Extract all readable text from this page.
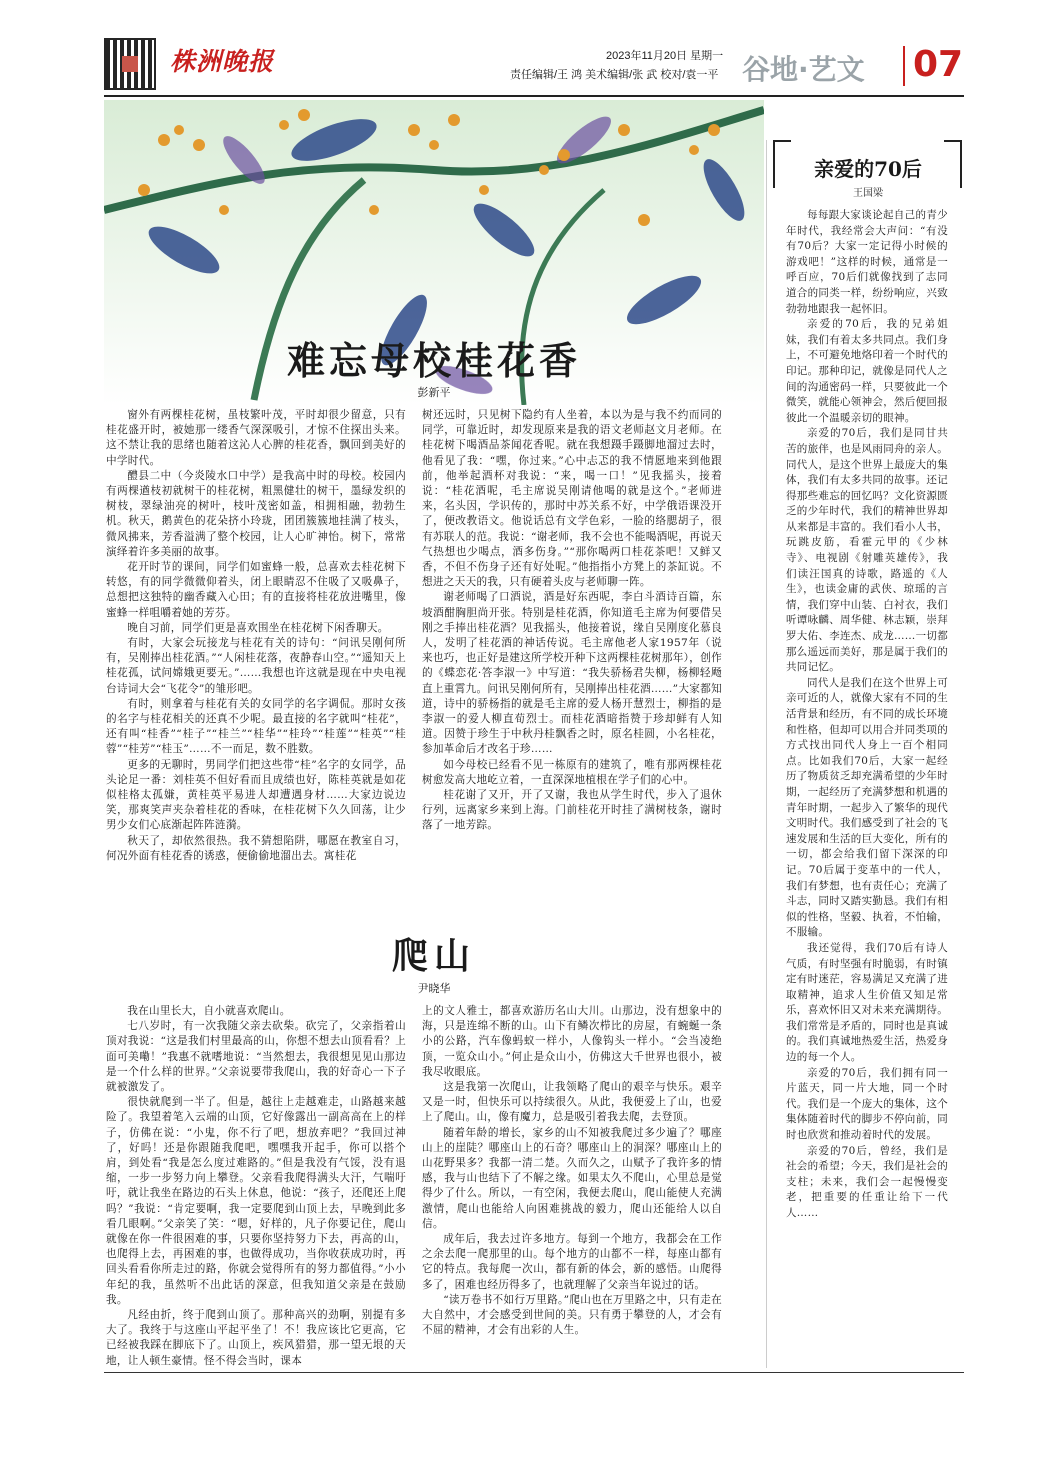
株洲晚报	2023年11月20日 星期一
责任编辑/王 鸿 美术编辑/张 武 校对/袁一平 谷地·艺文 07
难忘母校桂花香
彭新平

窗外有两棵桂花树，虽枝繁叶茂，平时却很少留意，只有桂花盛开时，被她那一缕香气深深吸引，才惊不住探出头来。这不禁让我的思绪也随着这沁人心脾的桂花香，飘回到美好的中学时代。

醴县二中（今炎陵水口中学）是我高中时的母校。校园内有两棵遒枝初就树干的桂花树，粗黑健壮的树干，墨绿发织的树枝，翠绿油亮的树叶，枝叶茂密如盖，相拥相融，勃勃生机。秋天，鹅黄色的花朵挤小玲珑，团团簇簇地挂满了枝头，微风拂来，芳香溢满了整个校园，让人心旷神怡。树下，常常演绎着许多美丽的故事。

花开时节的课间，同学们如蜜蜂一般，总喜欢去桂花树下转悠，有的同学微微仰着头，闭上眼睛忍不住吸了又吸鼻子，总想把这独特的幽香藏入心田；有的直接将桂花放进嘴里，像蜜蜂一样咀嚼着她的芳芬。

晚自习前，同学们更是喜欢围坐在桂花树下闲香聊天。

有时，大家会玩接龙与桂花有关的诗句：“问讯吴刚何所有，吴刚捧出桂花酒。”“人闲桂花落，夜静春山空。”“遥知天上桂花孤，试问嫦娥更要无。”……我想也许这就是现在中央电视台诗词大会“飞花令”的雏形吧。

有时，则拿着与桂花有关的女同学的名字调侃。那时女孩的名字与桂花相关的还真不少呢。最直接的名字就叫“桂花”，还有叫“桂香”“桂子”“桂兰”“桂华”“桂玲”“桂莲”“桂英”“桂蓉”“桂芳”“桂玉”……不一而足，数不胜数。

更多的无聊时，男同学们把这些带“桂”名字的女同学，品头论足一番：刘桂英不但好看而且成绩也好，陈桂英就是如花似桂格太孤嫌，黄桂英平易进人却遭遇身材……大家边说边笑，那爽笑声夹杂着桂花的香味，在桂花树下久久回荡，让少男少女们心底渐起阵阵涟漪。

秋天了，却依然很热。我不猜想陷阱，哪愿在教室自习，何况外面有桂花香的诱惑，便偷偷地溜出去。寓桂花

树还远时，只见树下隐约有人坐着，本以为是与我不约而同的同学，可靠近时，却发现原来是我的语文老师赵文月老师。在桂花树下喝酒品茶闻花香呢。就在我想蹑手蹑脚地溜过去时，他看见了我：“嘿，你过来。”心中忐忑的我不情愿地来到他跟前，他举起酒杯对我说：“来，喝一口！”见我摇头，接着说：“桂花酒呢，毛主席说吴刚请他喝的就是这个。”老师进来，名头因，学识传的，那时中苏关系不好，中学俄语课没开了，便改教语文。他说话总有文学色彩，一脸的络腮胡子，很有苏联人的范。我说：“谢老师，我不会也不能喝酒呢，再说天气热想也少喝点，酒多伤身。”“那你喝两口桂花茶吧！又鲜又香，不但不伤身子还有好处呢。”他指指小方凳上的茶缸说。不想进之天天的我，只有硬着头皮与老师聊一阵。

谢老师喝了口酒说，酒是好东西呢，李白斗酒诗百篇，东坡酒酣胸胆尚开张。特别是桂花酒，你知道毛主席为何要借吴刚之手捧出桂花酒？见我摇头，他接着说，缘自吴刚度化慕良人，发明了桂花酒的神话传说。毛主席他老人家1957年（说来也巧，也正好是建这所学校开种下这两棵桂花树那年），创作的《蝶恋花·答李淑一》中写道：“我失骄杨君失柳，杨柳轻飏直上重霄九。问讯吴刚何所有，吴刚捧出桂花酒……”大家都知道，诗中的骄杨指的就是毛主席的爱人杨开慧烈士，柳指的是李淑一的爱人柳直荀烈士。而桂花酒暗指赞于珍却鲜有人知道。因赞于珍生于中秋丹桂飘香之时，原名桂圆，小名桂花，参加革命后才改名于珍……

如今母校已经看不见一栋原有的建筑了，唯有那两棵桂花树愈发高大地屹立着，一直深深地植根在学子们的心中。

桂花谢了又开，开了又谢，我也从学生时代，步入了退休行列，远离家乡来到上海。门前桂花开时挂了满树枝条，谢时落了一地芳踪。

爬山
尹晓华

我在山里长大，自小就喜欢爬山。

七八岁时，有一次我随父亲去砍柴。砍完了，父亲指着山顶对我说：“这是我们村里最高的山，你想不想去山顶看看？上面可美嘞！”我惠不就嗜地说：“当然想去，我很想见见山那边是一个什么样的世界。”父亲说要带我爬山，我的好奇心一下子就被激发了。

很快就爬到一半了。但是，越往上走越难走，山路越来越险了。我望着笔入云端的山顶，它好像露出一副高高在上的样子，仿佛在说：“小鬼，你不行了吧，想放弃吧？”我回过神了，好吗！还是你跟随我爬吧，嘿嘿我开起手，你可以搭个肩，到处看“我是怎么度过难路的。”但是我没有气馁，没有退缩，一步一步努力向上攀登。父亲看我爬得满头大汗，气喘吁吁，就让我坐在路边的石头上休息，他说：“孩子，还爬还上爬吗？”我说：“肯定要啊，我一定要爬到山顶上去，早晚到此多看几眼啊。”父亲笑了笑：“嗯，好样的，凡子你要记住，爬山就像在你一件很困难的事，只要你坚持努力下去，再高的山，也爬得上去，再困难的事，也做得成功，当你收获成功时，再回头看看你所走过的路，你就会觉得所有的努力都值得。”小小年纪的我，虽然听不出此话的深意，但我知道父亲是在鼓励我。

凡经由折，终于爬到山顶了。那种高兴的劲啊，别提有多大了。我终于与这座山平起平坐了！不！我应该比它更高，它已经被我踩在脚底下了。山顶上，疾风猎猎，那一望无垠的天地，让人顿生豪情。怪不得会当时，课本

上的文人雅士，都喜欢游历名山大川。山那边，没有想象中的海，只是连绵不断的山。山下有鳞次栉比的房屋，有蜿蜒一条小的公路，汽车像蚂蚁一样小，人像钩头一样小。“会当凌绝顶，一览众山小。”何止是众山小，仿佛这大千世界也很小，被我尽收眼底。

这是我第一次爬山，让我领略了爬山的艰辛与快乐。艰辛又是一时，但快乐可以持续很久。从此，我便爱上了山，也爱上了爬山。山，像有魔力，总是吸引着我去爬，去登顶。

随着年龄的增长，家乡的山不知被我爬过多少遍了？哪座山上的崖陡？哪座山上的石奇？哪座山上的洞深？哪座山上的山花野果多？我都一清二楚。久而久之，山赋予了我许多的情感，我与山也结下了不解之缘。如果太久不爬山，心里总是觉得少了什么。所以，一有空闲，我便去爬山，爬山能使人充满激情，爬山也能给人向困难挑战的毅力，爬山还能给人以自信。

成年后，我去过许多地方。每到一个地方，我都会在工作之余去爬一爬那里的山。每个地方的山都不一样，每座山都有它的特点。我每爬一次山，都有新的体会，新的感悟。山爬得多了，困难也经历得多了，也就理解了父亲当年说过的话。

“读万卷书不如行万里路。”爬山也在万里路之中，只有走在大自然中，才会感受到世间的美。只有勇于攀登的人，才会有不屈的精神，才会有出彩的人生。

亲爱的70后
王国梁

每每跟大家谈论起自己的青少年时代，我经常会大声问：“有没有70后？大家一定记得小时候的游戏吧！”这样的时候，通常是一呼百应，70后们就像找到了志同道合的同类一样，纷纷响应，兴致勃勃地跟我一起怀旧。

亲爱的70后，我的兄弟姐妹，我们有着太多共同点。我们身上，不可避免地烙印着一个时代的印记。那种印记，就像是同代人之间的沟通密码一样，只要彼此一个微笑，就能心领神会，然后便回报彼此一个温暖亲切的眼神。

亲爱的70后，我们是同甘共苦的旅伴，也是风雨同舟的亲人。同代人，是这个世界上最庞大的集体，我们有太多共同的故事。还记得那些难忘的回忆吗？文化资源匮乏的少年时代，我们的精神世界却从来都是丰富的。我们看小人书，玩跳皮筋，看霍元甲的《少林寺》、电视剧《射雕英雄传》，我们读汪国真的诗歌，路遥的《人生》，也读金庸的武侠、琼瑶的言情，我们穿中山装、白衬衣，我们听谭咏麟、周华健、林志颖，崇拜罗大佑、李连杰、成龙……一切都那么遥远而美好，那是属于我们的共同记忆。

同代人是我们在这个世界上可亲可近的人，就像大家有不同的生活背景和经历，有不同的成长环境和性格，但却可以用合并同类项的方式找出同代人身上一百个相同点。比如我们70后，大家一起经历了物质贫乏却充满希望的少年时期，一起经历了充满梦想和机遇的青年时期，一起步入了繁华的现代文明时代。我们感受到了社会的飞速发展和生活的巨大变化，所有的一切，都会给我们留下深深的印记。70后属于变革中的一代人，我们有梦想，也有责任心；充满了斗志，同时又踏实勤恳。我们有相似的性格，坚毅、执着，不怕输，不服输。

我还觉得，我们70后有诗人气质，有时坚强有时脆弱，有时镇定有时迷茫，容易满足又充满了进取精神，追求人生价值又知足常乐，喜欢怀旧又对未来充满期待。我们常常是矛盾的，同时也是真诚的。我们真诚地热爱生活，热爱身边的每一个人。

亲爱的70后，我们拥有同一片蓝天，同一片大地，同一个时代。我们是一个庞大的集体，这个集体随着时代的脚步不停向前，同时也欣赏和推动着时代的发展。

亲爱的70后，曾经，我们是社会的希望；今天，我们是社会的支柱；未来，我们会一起慢慢变老，把重要的任重让给下一代人……
